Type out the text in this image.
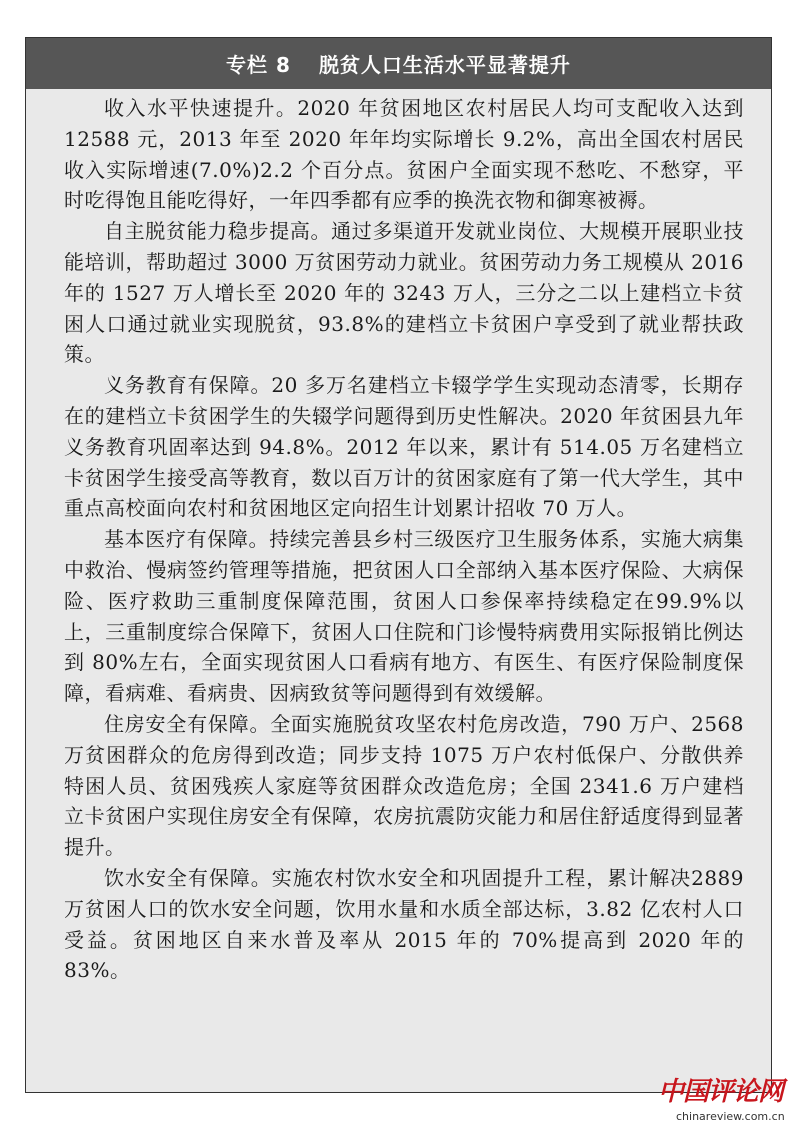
专栏 8 脱贫人口生活水平显著提升

收入水平快速提升。2020 年贫困地区农村居民人均可支配收入达到 12588 元，2013 年至 2020 年年均实际增长 9.2%，高出全国农村居民收入实际增速(7.0%)2.2 个百分点。贫困户全面实现不愁吃、不愁穿，平时吃得饱且能吃得好，一年四季都有应季的换洗衣物和御寒被褥。

自主脱贫能力稳步提高。通过多渠道开发就业岗位、大规模开展职业技能培训，帮助超过 3000 万贫困劳动力就业。贫困劳动力务工规模从 2016 年的 1527 万人增长至 2020 年的 3243 万人，三分之二以上建档立卡贫困人口通过就业实现脱贫，93.8%的建档立卡贫困户享受到了就业帮扶政策。

义务教育有保障。20 多万名建档立卡辍学学生实现动态清零，长期存在的建档立卡贫困学生的失辍学问题得到历史性解决。2020 年贫困县九年义务教育巩固率达到 94.8%。2012 年以来，累计有 514.05 万名建档立卡贫困学生接受高等教育，数以百万计的贫困家庭有了第一代大学生，其中重点高校面向农村和贫困地区定向招生计划累计招收 70 万人。

基本医疗有保障。持续完善县乡村三级医疗卫生服务体系，实施大病集中救治、慢病签约管理等措施，把贫困人口全部纳入基本医疗保险、大病保险、医疗救助三重制度保障范围，贫困人口参保率持续稳定在99.9%以上，三重制度综合保障下，贫困人口住院和门诊慢特病费用实际报销比例达到 80%左右，全面实现贫困人口看病有地方、有医生、有医疗保险制度保障，看病难、看病贵、因病致贫等问题得到有效缓解。

住房安全有保障。全面实施脱贫攻坚农村危房改造，790 万户、2568 万贫困群众的危房得到改造；同步支持 1075 万户农村低保户、分散供养特困人员、贫困残疾人家庭等贫困群众改造危房；全国 2341.6 万户建档立卡贫困户实现住房安全有保障，农房抗震防灾能力和居住舒适度得到显著提升。

饮水安全有保障。实施农村饮水安全和巩固提升工程，累计解决2889 万贫困人口的饮水安全问题，饮用水量和水质全部达标，3.82 亿农村人口受益。贫困地区自来水普及率从 2015 年的 70%提高到 2020 年的 83%。

中国评论网
chinareview.com.cn
